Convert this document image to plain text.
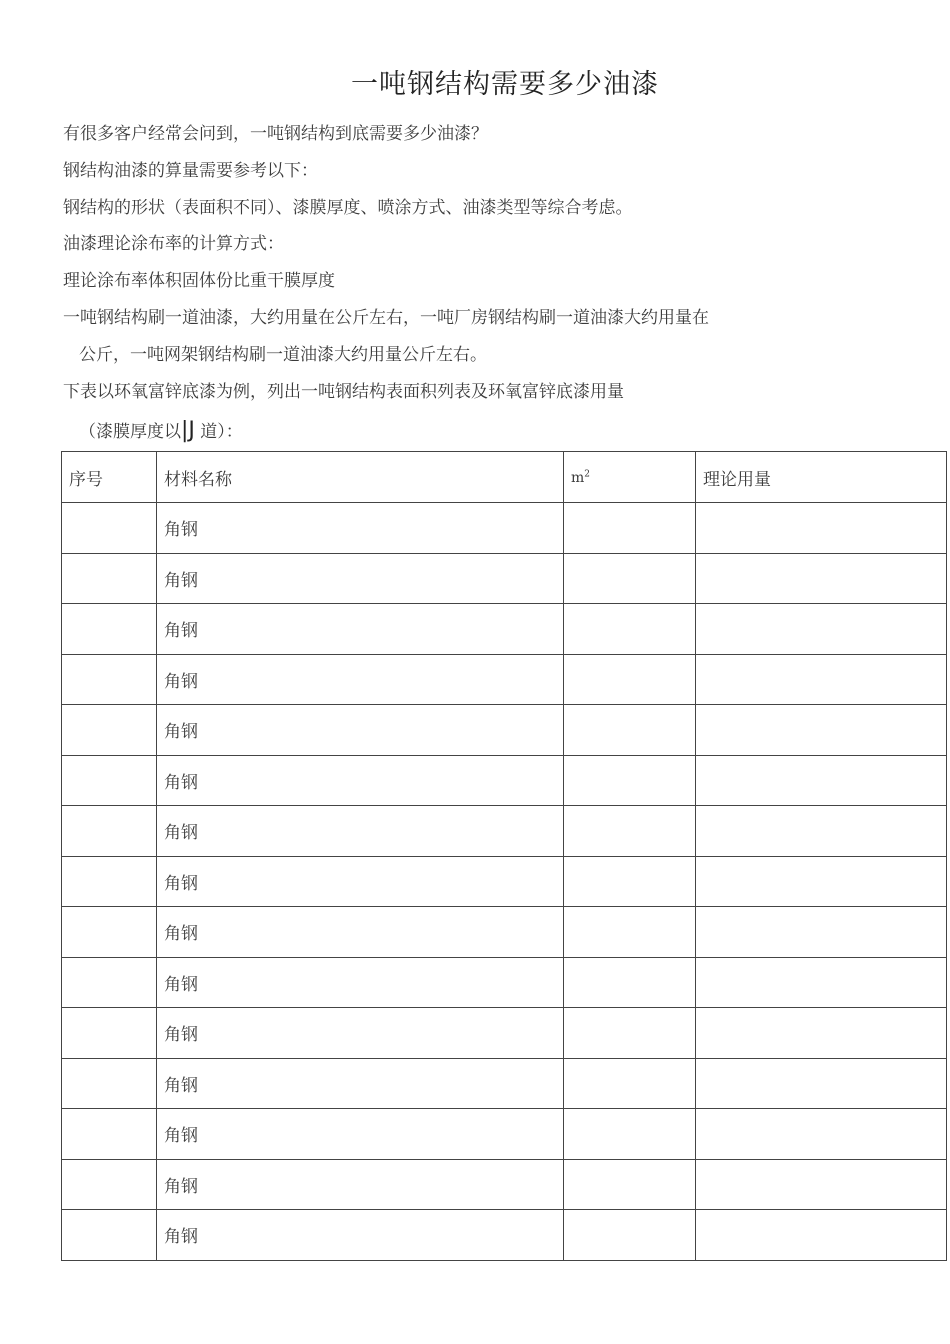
一吨钢结构需要多少油漆
有很多客户经常会问到，一吨钢结构到底需要多少油漆？
钢结构油漆的算量需要参考以下：
钢结构的形状（表面积不同）、漆膜厚度、喷涂方式、油漆类型等综合考虑。
油漆理论涂布率的计算方式：
理论涂布率体积固体份比重干膜厚度
一吨钢结构刷一道油漆，大约用量在公斤左右，一吨厂房钢结构刷一道油漆大约用量在
公斤，一吨网架钢结构刷一道油漆大约用量公斤左右。
下表以环氧富锌底漆为例，列出一吨钢结构表面积列表及环氧富锌底漆用量
（漆膜厚度以|J 道）：
序号	材料名称	$m^2$	理论用量
	角钢		
	角钢		
	角钢		
	角钢		
	角钢		
	角钢		
	角钢		
	角钢		
	角钢		
	角钢		
	角钢		
	角钢		
	角钢		
	角钢		
	角钢		
